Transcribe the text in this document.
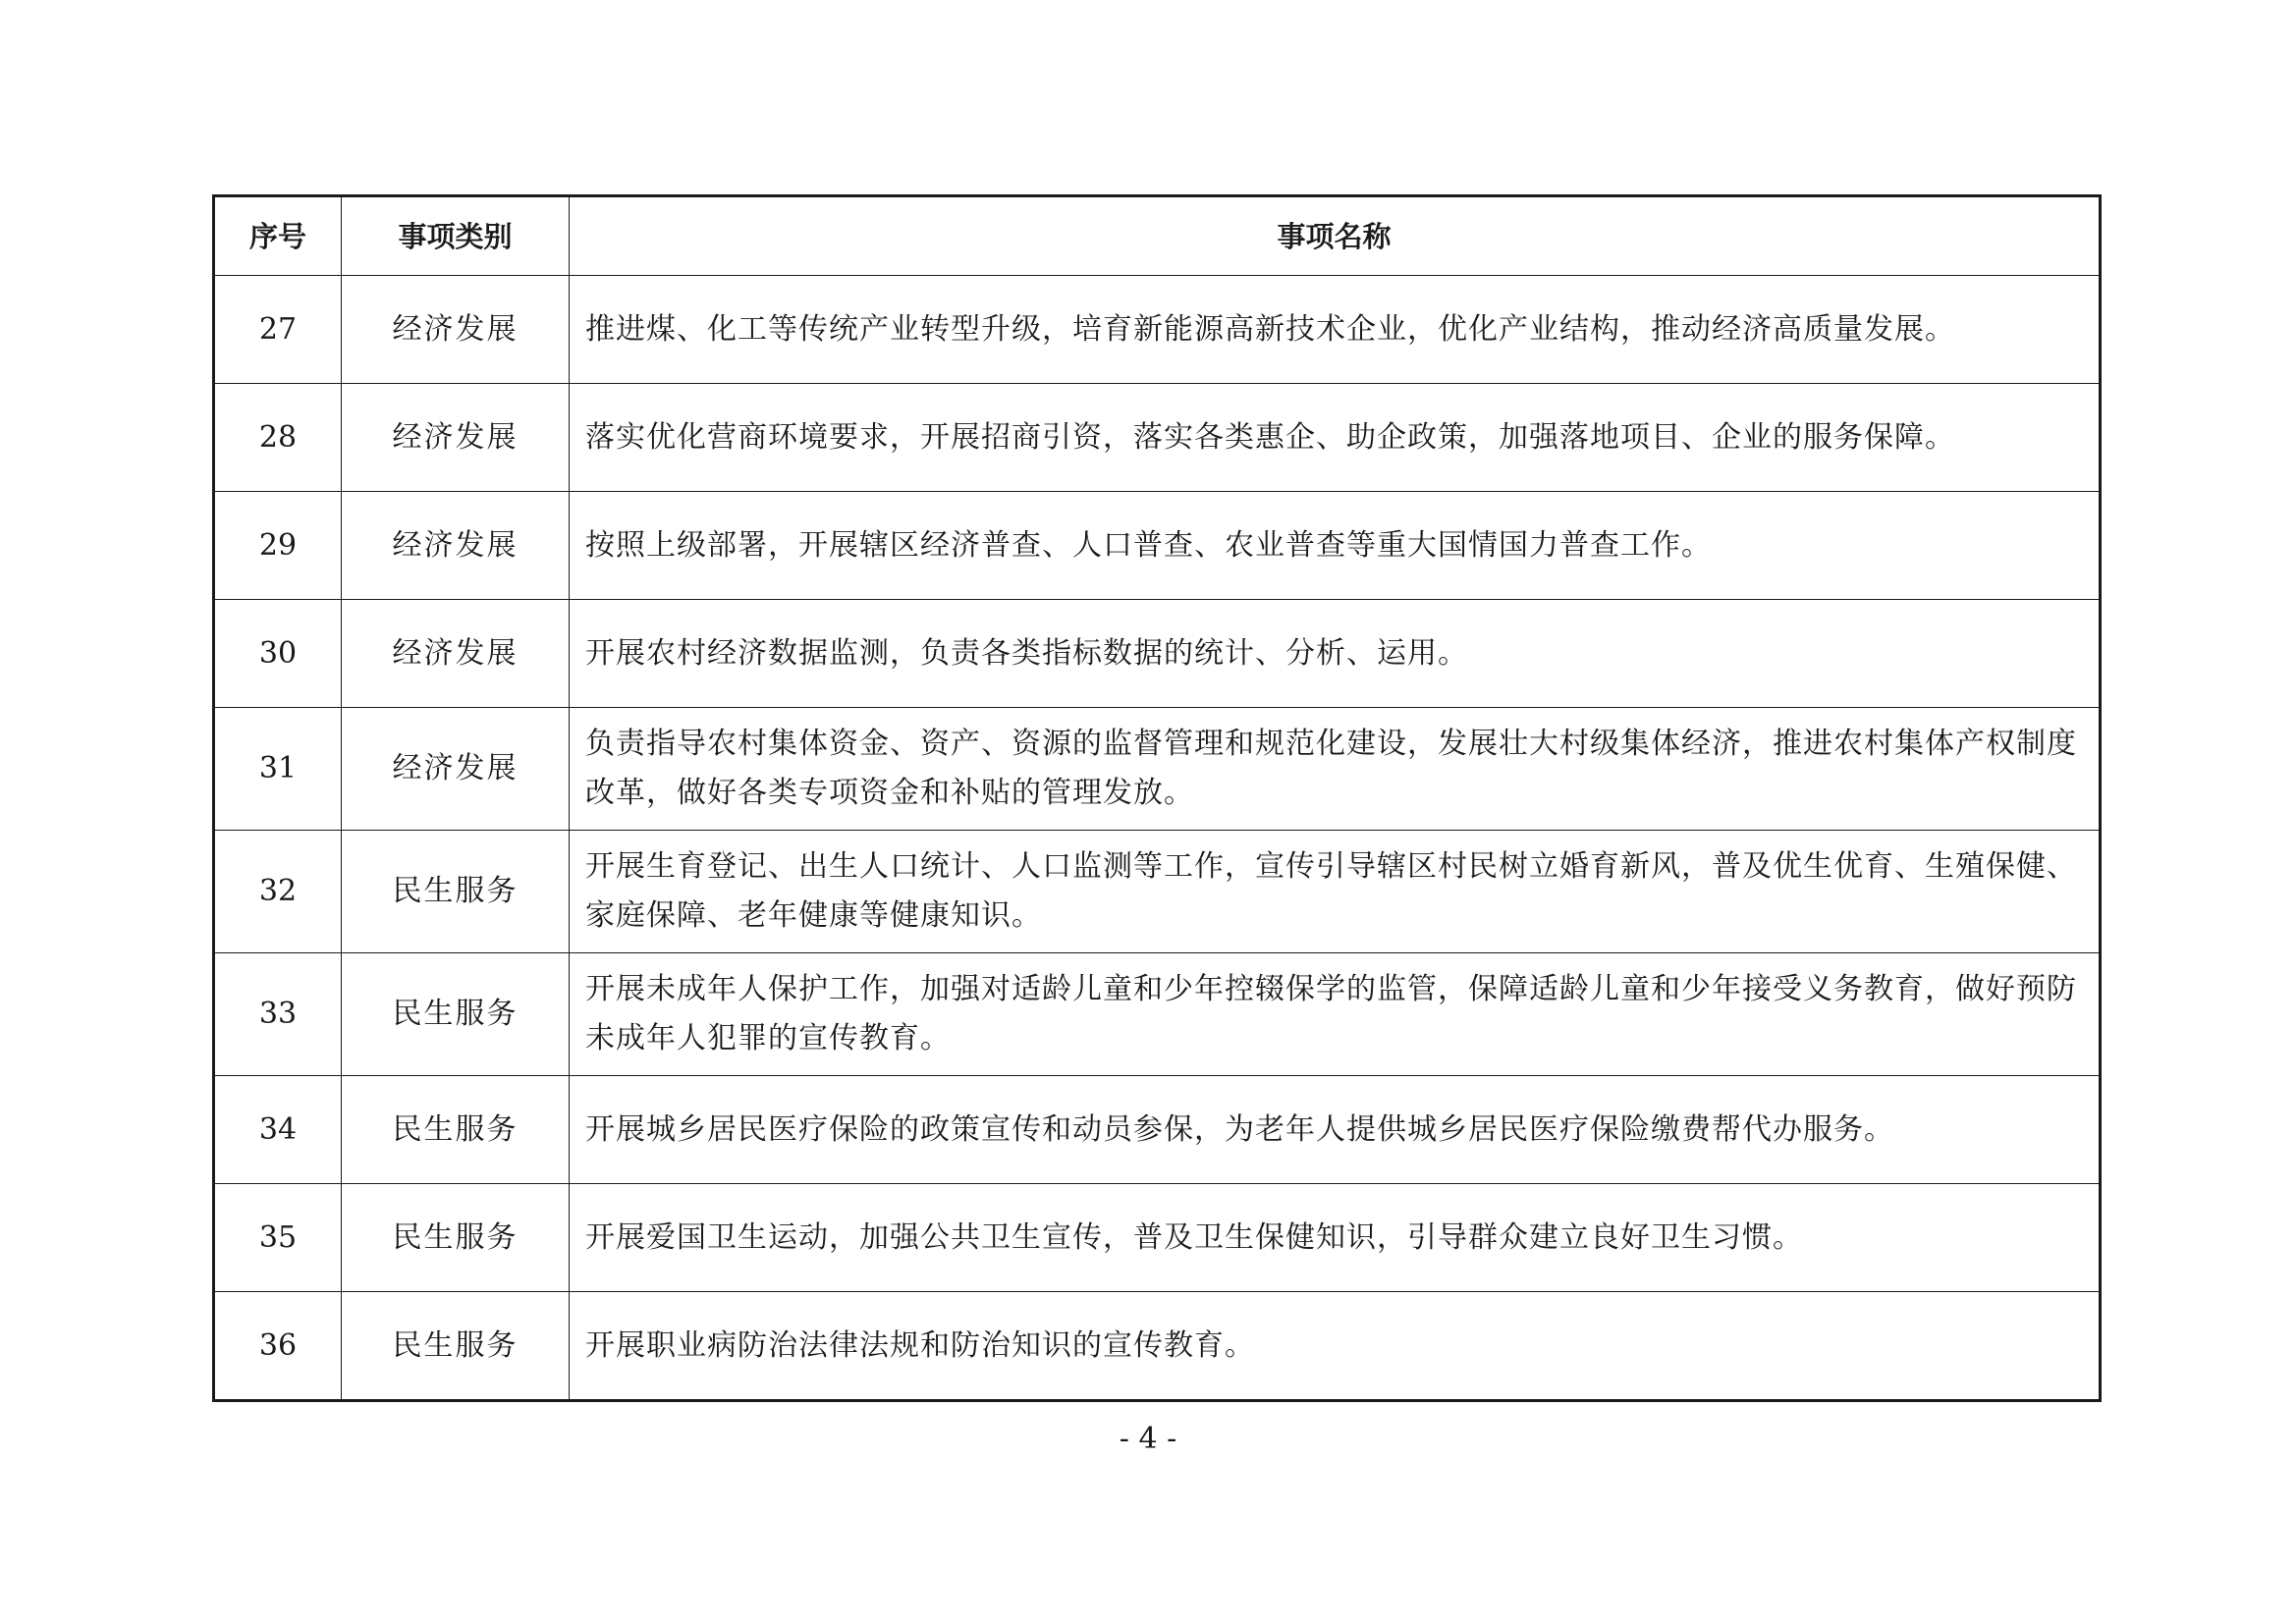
序号	事项类别	事项名称
27	经济发展	推进煤、化工等传统产业转型升级，培育新能源高新技术企业，优化产业结构，推动经济高质量发展。
28	经济发展	落实优化营商环境要求，开展招商引资，落实各类惠企、助企政策，加强落地项目、企业的服务保障。
29	经济发展	按照上级部署，开展辖区经济普查、人口普查、农业普查等重大国情国力普查工作。
30	经济发展	开展农村经济数据监测，负责各类指标数据的统计、分析、运用。
31	经济发展	负责指导农村集体资金、资产、资源的监督管理和规范化建设，发展壮大村级集体经济，推进农村集体产权制度改革，做好各类专项资金和补贴的管理发放。
32	民生服务	开展生育登记、出生人口统计、人口监测等工作，宣传引导辖区村民树立婚育新风，普及优生优育、生殖保健、家庭保障、老年健康等健康知识。
33	民生服务	开展未成年人保护工作，加强对适龄儿童和少年控辍保学的监管，保障适龄儿童和少年接受义务教育，做好预防未成年人犯罪的宣传教育。
34	民生服务	开展城乡居民医疗保险的政策宣传和动员参保，为老年人提供城乡居民医疗保险缴费帮代办服务。
35	民生服务	开展爱国卫生运动，加强公共卫生宣传，普及卫生保健知识，引导群众建立良好卫生习惯。
36	民生服务	开展职业病防治法律法规和防治知识的宣传教育。
- 4 -
